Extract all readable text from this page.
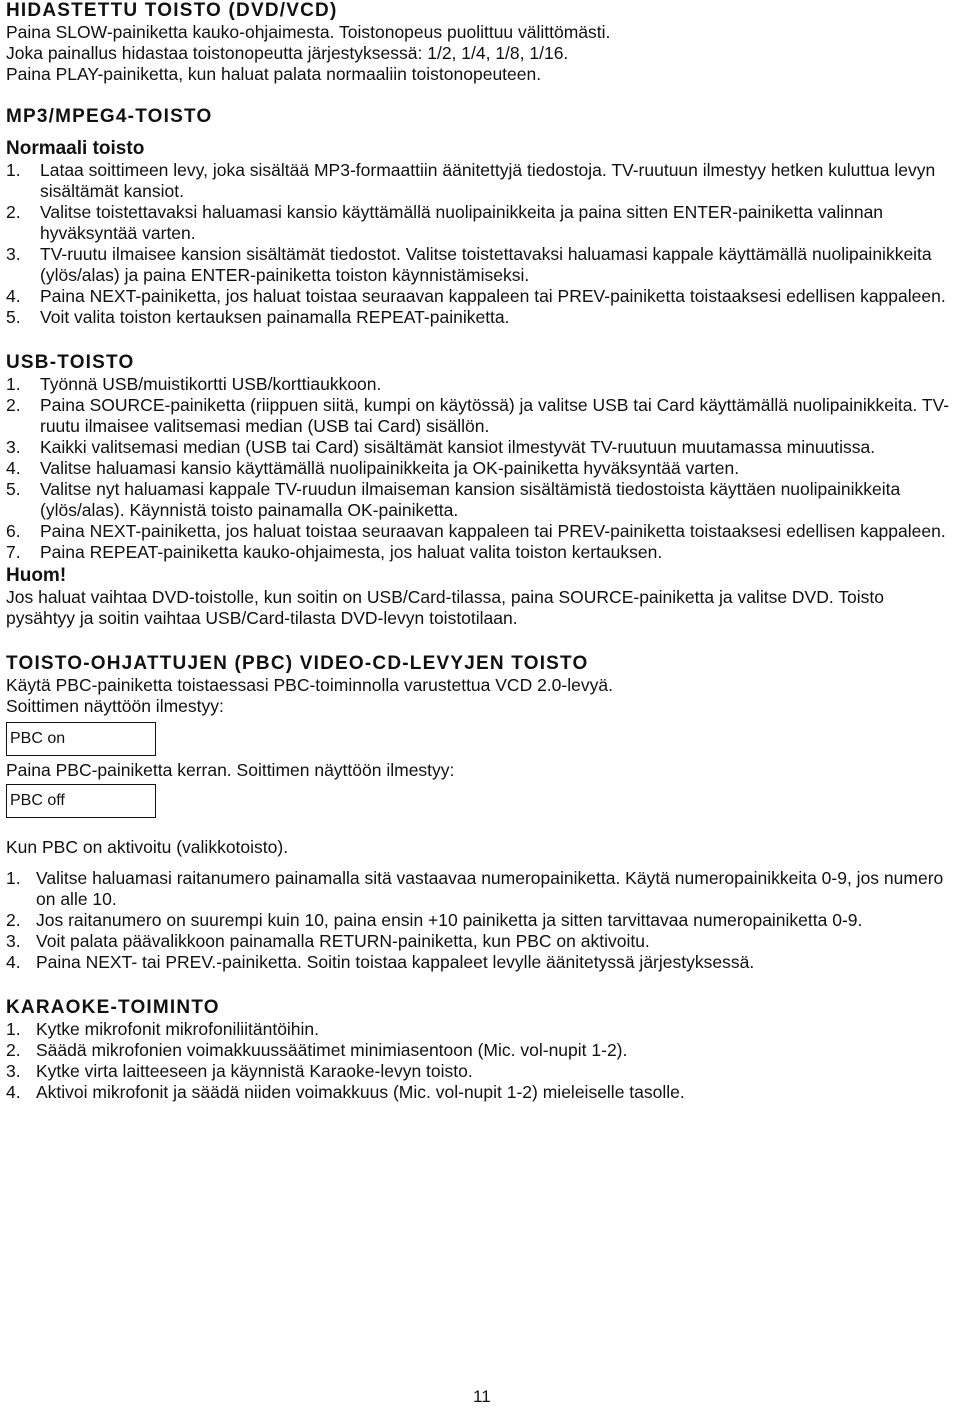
HIDASTETTU TOISTO (DVD/VCD)

Paina SLOW-painiketta kauko-ohjaimesta. Toistonopeus puolittuu välittömästi.

Joka painallus hidastaa toistonopeutta järjestyksessä: 1/2, 1/4, 1/8, 1/16.

Paina PLAY-painiketta, kun haluat palata normaaliin toistonopeuteen.

MP3/MPEG4-TOISTO
Normaali toisto
1.	Lataa soittimeen levy, joka sisältää MP3-formaattiin äänitettyjä tiedostoja. TV-ruutuun ilmestyy hetken kuluttua levyn sisältämät kansiot.
2.	Valitse toistettavaksi haluamasi kansio käyttämällä nuolipainikkeita ja paina sitten ENTER-painiketta valinnan hyväksyntää varten.
3.	TV-ruutu ilmaisee kansion sisältämät tiedostot. Valitse toistettavaksi haluamasi kappale käyttämällä nuolipainikkeita (ylös/alas) ja paina ENTER-painiketta toiston käynnistämiseksi.
4.	Paina NEXT-painiketta, jos haluat toistaa seuraavan kappaleen tai PREV-painiketta toistaaksesi edellisen kappaleen.
5.	Voit valita toiston kertauksen painamalla REPEAT-painiketta.
USB-TOISTO
1.	Työnnä USB/muistikortti USB/korttiaukkoon.
2.	Paina SOURCE-painiketta (riippuen siitä, kumpi on käytössä) ja valitse USB tai Card käyttämällä nuolipainikkeita. TV-ruutu ilmaisee valitsemasi median (USB tai Card) sisällön.
3.	Kaikki valitsemasi median (USB tai Card) sisältämät kansiot ilmestyvät TV-ruutuun muutamassa minuutissa.
4.	Valitse haluamasi kansio käyttämällä nuolipainikkeita ja OK-painiketta hyväksyntää varten.
5.	Valitse nyt haluamasi kappale TV-ruudun ilmaiseman kansion sisältämistä tiedostoista käyttäen nuolipainikkeita (ylös/alas). Käynnistä toisto painamalla OK-painiketta.
6.	Paina NEXT-painiketta, jos haluat toistaa seuraavan kappaleen tai PREV-painiketta toistaaksesi edellisen kappaleen.
7.	Paina REPEAT-painiketta kauko-ohjaimesta, jos haluat valita toiston kertauksen.
Huom!

Jos haluat vaihtaa DVD-toistolle, kun soitin on USB/Card-tilassa, paina SOURCE-painiketta ja valitse DVD. Toisto pysähtyy ja soitin vaihtaa USB/Card-tilasta DVD-levyn toistotilaan.

TOISTO-OHJATTUJEN (PBC) VIDEO-CD-LEVYJEN TOISTO

Käytä PBC-painiketta toistaessasi PBC-toiminnolla varustettua VCD 2.0-levyä.

Soittimen näyttöön ilmestyy:

PBC on

Paina PBC-painiketta kerran. Soittimen näyttöön ilmestyy:

PBC off

Kun PBC on aktivoitu (valikkotoisto).

1. Valitse haluamasi raitanumero painamalla sitä vastaavaa numeropainiketta. Käytä numeropainikkeita 0-9, jos numero on alle 10.
2. Jos raitanumero on suurempi kuin 10, paina ensin +10 painiketta ja sitten tarvittavaa numeropainiketta 0-9.
3. Voit palata päävalikkoon painamalla RETURN-painiketta, kun PBC on aktivoitu.
4. Paina NEXT- tai PREV.-painiketta. Soitin toistaa kappaleet levylle äänitetyssä järjestyksessä.
KARAOKE-TOIMINTO
1. Kytke mikrofonit mikrofoniliitäntöihin.
2. Säädä mikrofonien voimakkuussäätimet minimiasentoon (Mic. vol-nupit 1-2).
3. Kytke virta laitteeseen ja käynnistä Karaoke-levyn toisto.
4. Aktivoi mikrofonit ja säädä niiden voimakkuus (Mic. vol-nupit 1-2) mieleiselle tasolle.
11
